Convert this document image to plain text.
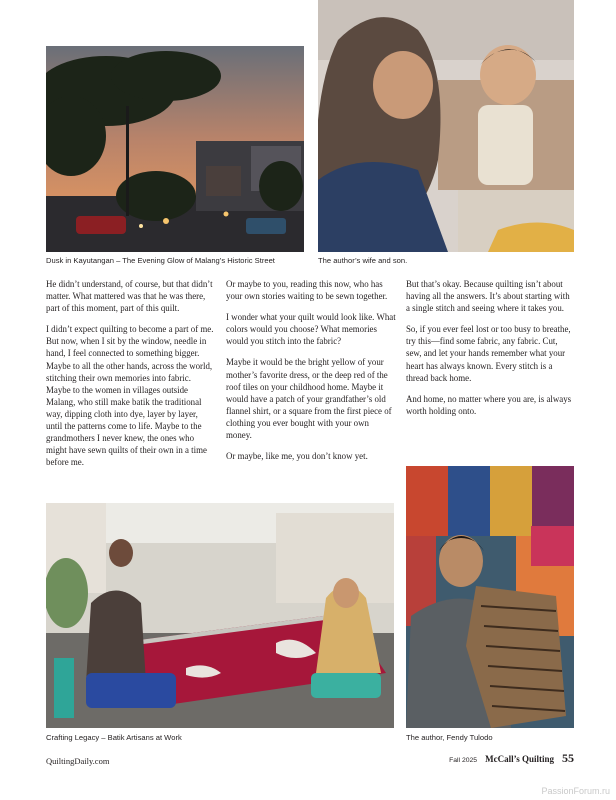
Dusk in Kayutangan – The Evening Glow of Malang’s Historic Street	The author’s wife and son.

He didn’t understand, of course, but that didn’t matter. What mattered was that he was there, part of this moment, part of this quilt.

I didn’t expect quilting to become a part of me. But now, when I sit by the window, needle in hand, I feel connected to something bigger. Maybe to all the other hands, across the world, stitching their own memories into fabric. Maybe to the women in villages outside Malang, who still make batik the traditional way, dipping cloth into dye, layer by layer, until the patterns come to life. Maybe to the grandmothers I never knew, the ones who might have sewn quilts of their own in a time before me.

Or maybe to you, reading this now, who has your own stories waiting to be sewn together.

I wonder what your quilt would look like. What colors would you choose? What memories would you stitch into the fabric?

Maybe it would be the bright yellow of your mother’s favorite dress, or the deep red of the roof tiles on your childhood home. Maybe it would have a patch of your grandfather’s old flannel shirt, or a square from the first piece of clothing you ever bought with your own money.

Or maybe, like me, you don’t know yet.

But that’s okay. Because quilting isn’t about having all the answers. It’s about starting with a single stitch and seeing where it takes you.

So, if you ever feel lost or too busy to breathe, try this—find some fabric, any fabric. Cut, sew, and let your hands remember what your heart has always known. Every stitch is a thread back home.

And home, no matter where you are, is always worth holding onto.

Crafting Legacy – Batik Artisans at Work	The author, Fendy Tulodo
QuiltingDaily.com	Fall 2025 McCall’s Quilting 55
PassionForum.ru
